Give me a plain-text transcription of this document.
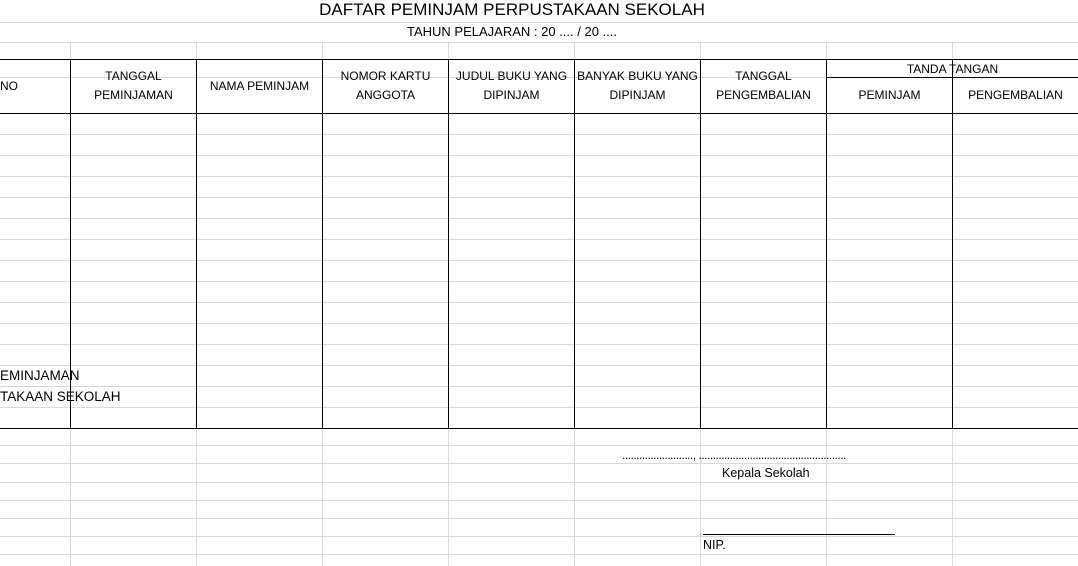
DAFTAR PEMINJAM PERPUSTAKAAN SEKOLAH
TAHUN PELAJARAN : 20 .... / 20 ....
NO
TANGGAL
PEMINJAMAN
NAMA PEMINJAM
NOMOR KARTU
ANGGOTA
JUDUL BUKU YANG
DIPINJAM
BANYAK BUKU YANG
DIPINJAM
TANGGAL
PENGEMBALIAN
TANDA TANGAN
PEMINJAM	PENGEMBALIAN
EMINJAMAN
TAKAAN SEKOLAH
........................., ....................................................
Kepala Sekolah
NIP.
